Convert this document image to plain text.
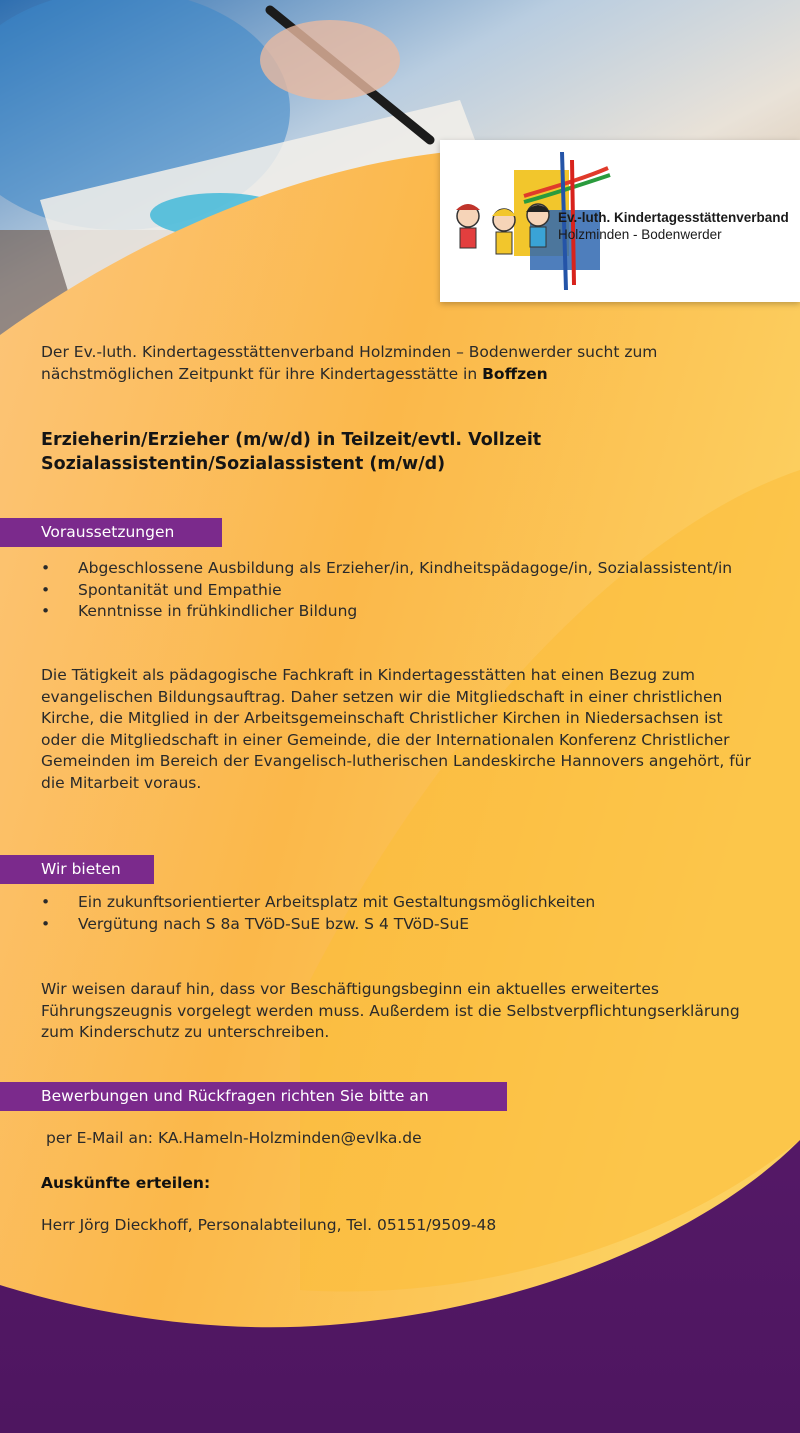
Ev.-luth. Kindertagesstättenverband
Holzminden - Bodenwerder
Der Ev.-luth. Kindertagesstättenverband Holzminden – Bodenwerder sucht zum nächstmöglichen Zeitpunkt für ihre Kindertagesstätte in Boffzen
Erzieherin/Erzieher (m/w/d) in Teilzeit/evtl. Vollzeit
Sozialassistentin/Sozialassistent (m/w/d)
Voraussetzungen
• Abgeschlossene Ausbildung als Erzieher/in, Kindheitspädagoge/in, Sozialassistent/in
• Spontanität und Empathie
• Kenntnisse in frühkindlicher Bildung
Die Tätigkeit als pädagogische Fachkraft in Kindertagesstätten hat einen Bezug zum evangelischen Bildungsauftrag. Daher setzen wir die Mitgliedschaft in einer christlichen Kirche, die Mitglied in der Arbeitsgemeinschaft Christlicher Kirchen in Niedersachsen ist oder die Mitgliedschaft in einer Gemeinde, die der Internationalen Konferenz Christlicher Gemeinden im Bereich der Evangelisch-lutherischen Landeskirche Hannovers angehört, für die Mitarbeit voraus.
Wir bieten
• Ein zukunftsorientierter Arbeitsplatz mit Gestaltungsmöglichkeiten
• Vergütung nach S 8a TVöD-SuE bzw. S 4 TVöD-SuE
Wir weisen darauf hin, dass vor Beschäftigungsbeginn ein aktuelles erweitertes Führungszeugnis vorgelegt werden muss. Außerdem ist die Selbstverpflichtungserklärung zum Kinderschutz zu unterschreiben.
Bewerbungen und Rückfragen richten Sie bitte an
per E-Mail an: KA.Hameln-Holzminden@evlka.de
Auskünfte erteilen:
Herr Jörg Dieckhoff, Personalabteilung, Tel. 05151/9509-48
